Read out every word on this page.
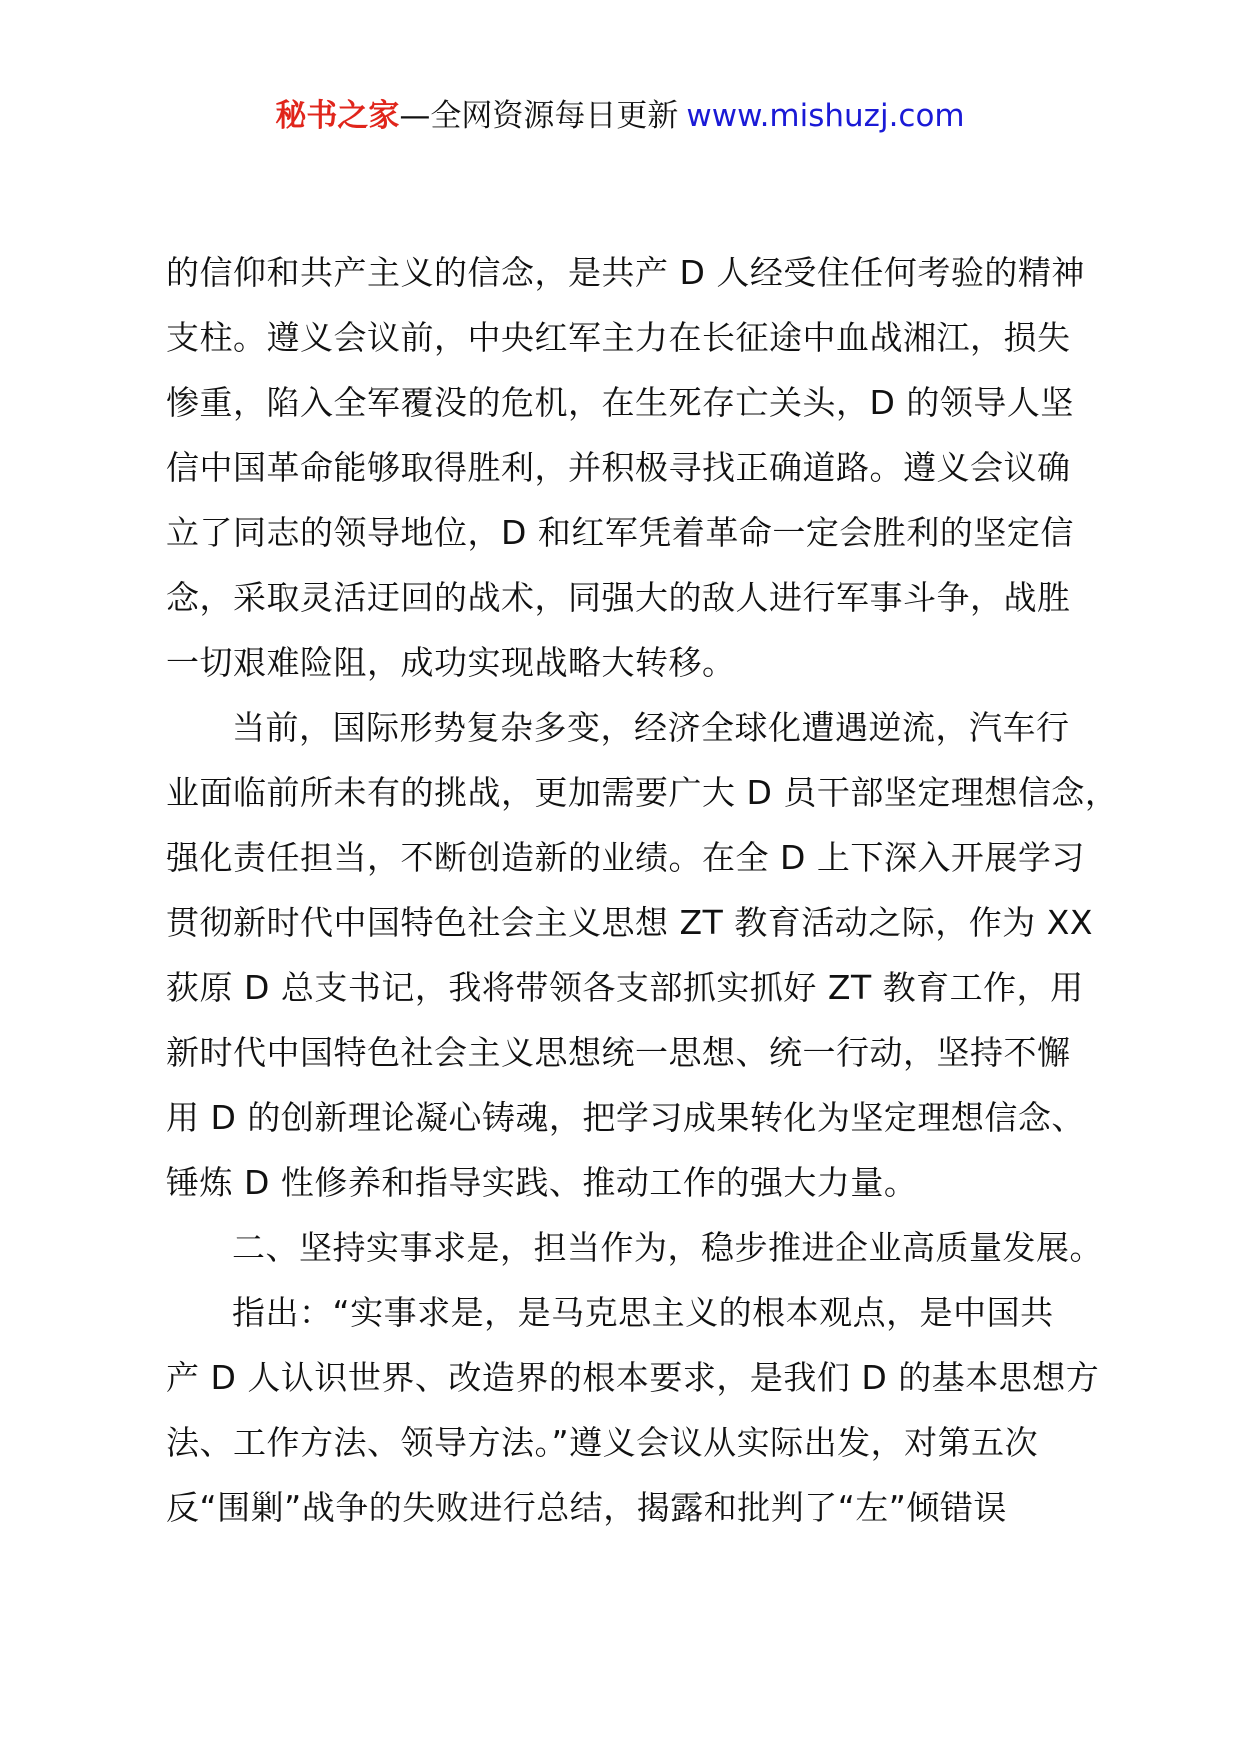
秘书之家—全网资源每日更新 www.mishuzj.com
的信仰和共产主义的信念，是共产 D 人经受住任何考验的精神
支柱。遵义会议前，中央红军主力在长征途中血战湘江，损失
惨重，陷入全军覆没的危机，在生死存亡关头，D 的领导人坚
信中国革命能够取得胜利，并积极寻找正确道路。遵义会议确
立了同志的领导地位，D 和红军凭着革命一定会胜利的坚定信
念，采取灵活迂回的战术，同强大的敌人进行军事斗争，战胜
一切艰难险阻，成功实现战略大转移。
当前，国际形势复杂多变，经济全球化遭遇逆流，汽车行
业面临前所未有的挑战，更加需要广大 D 员干部坚定理想信念，
强化责任担当，不断创造新的业绩。在全 D 上下深入开展学习
贯彻新时代中国特色社会主义思想 ZT 教育活动之际，作为 XX
荻原 D 总支书记，我将带领各支部抓实抓好 ZT 教育工作，用
新时代中国特色社会主义思想统一思想、统一行动，坚持不懈
用 D 的创新理论凝心铸魂，把学习成果转化为坚定理想信念、
锤炼 D 性修养和指导实践、推动工作的强大力量。
二、坚持实事求是，担当作为，稳步推进企业高质量发展。
指出：“实事求是，是马克思主义的根本观点，是中国共
产 D 人认识世界、改造界的根本要求，是我们 D 的基本思想方
法、工作方法、领导方法。”遵义会议从实际出发，对第五次
反“围剿”战争的失败进行总结，揭露和批判了“左”倾错误
